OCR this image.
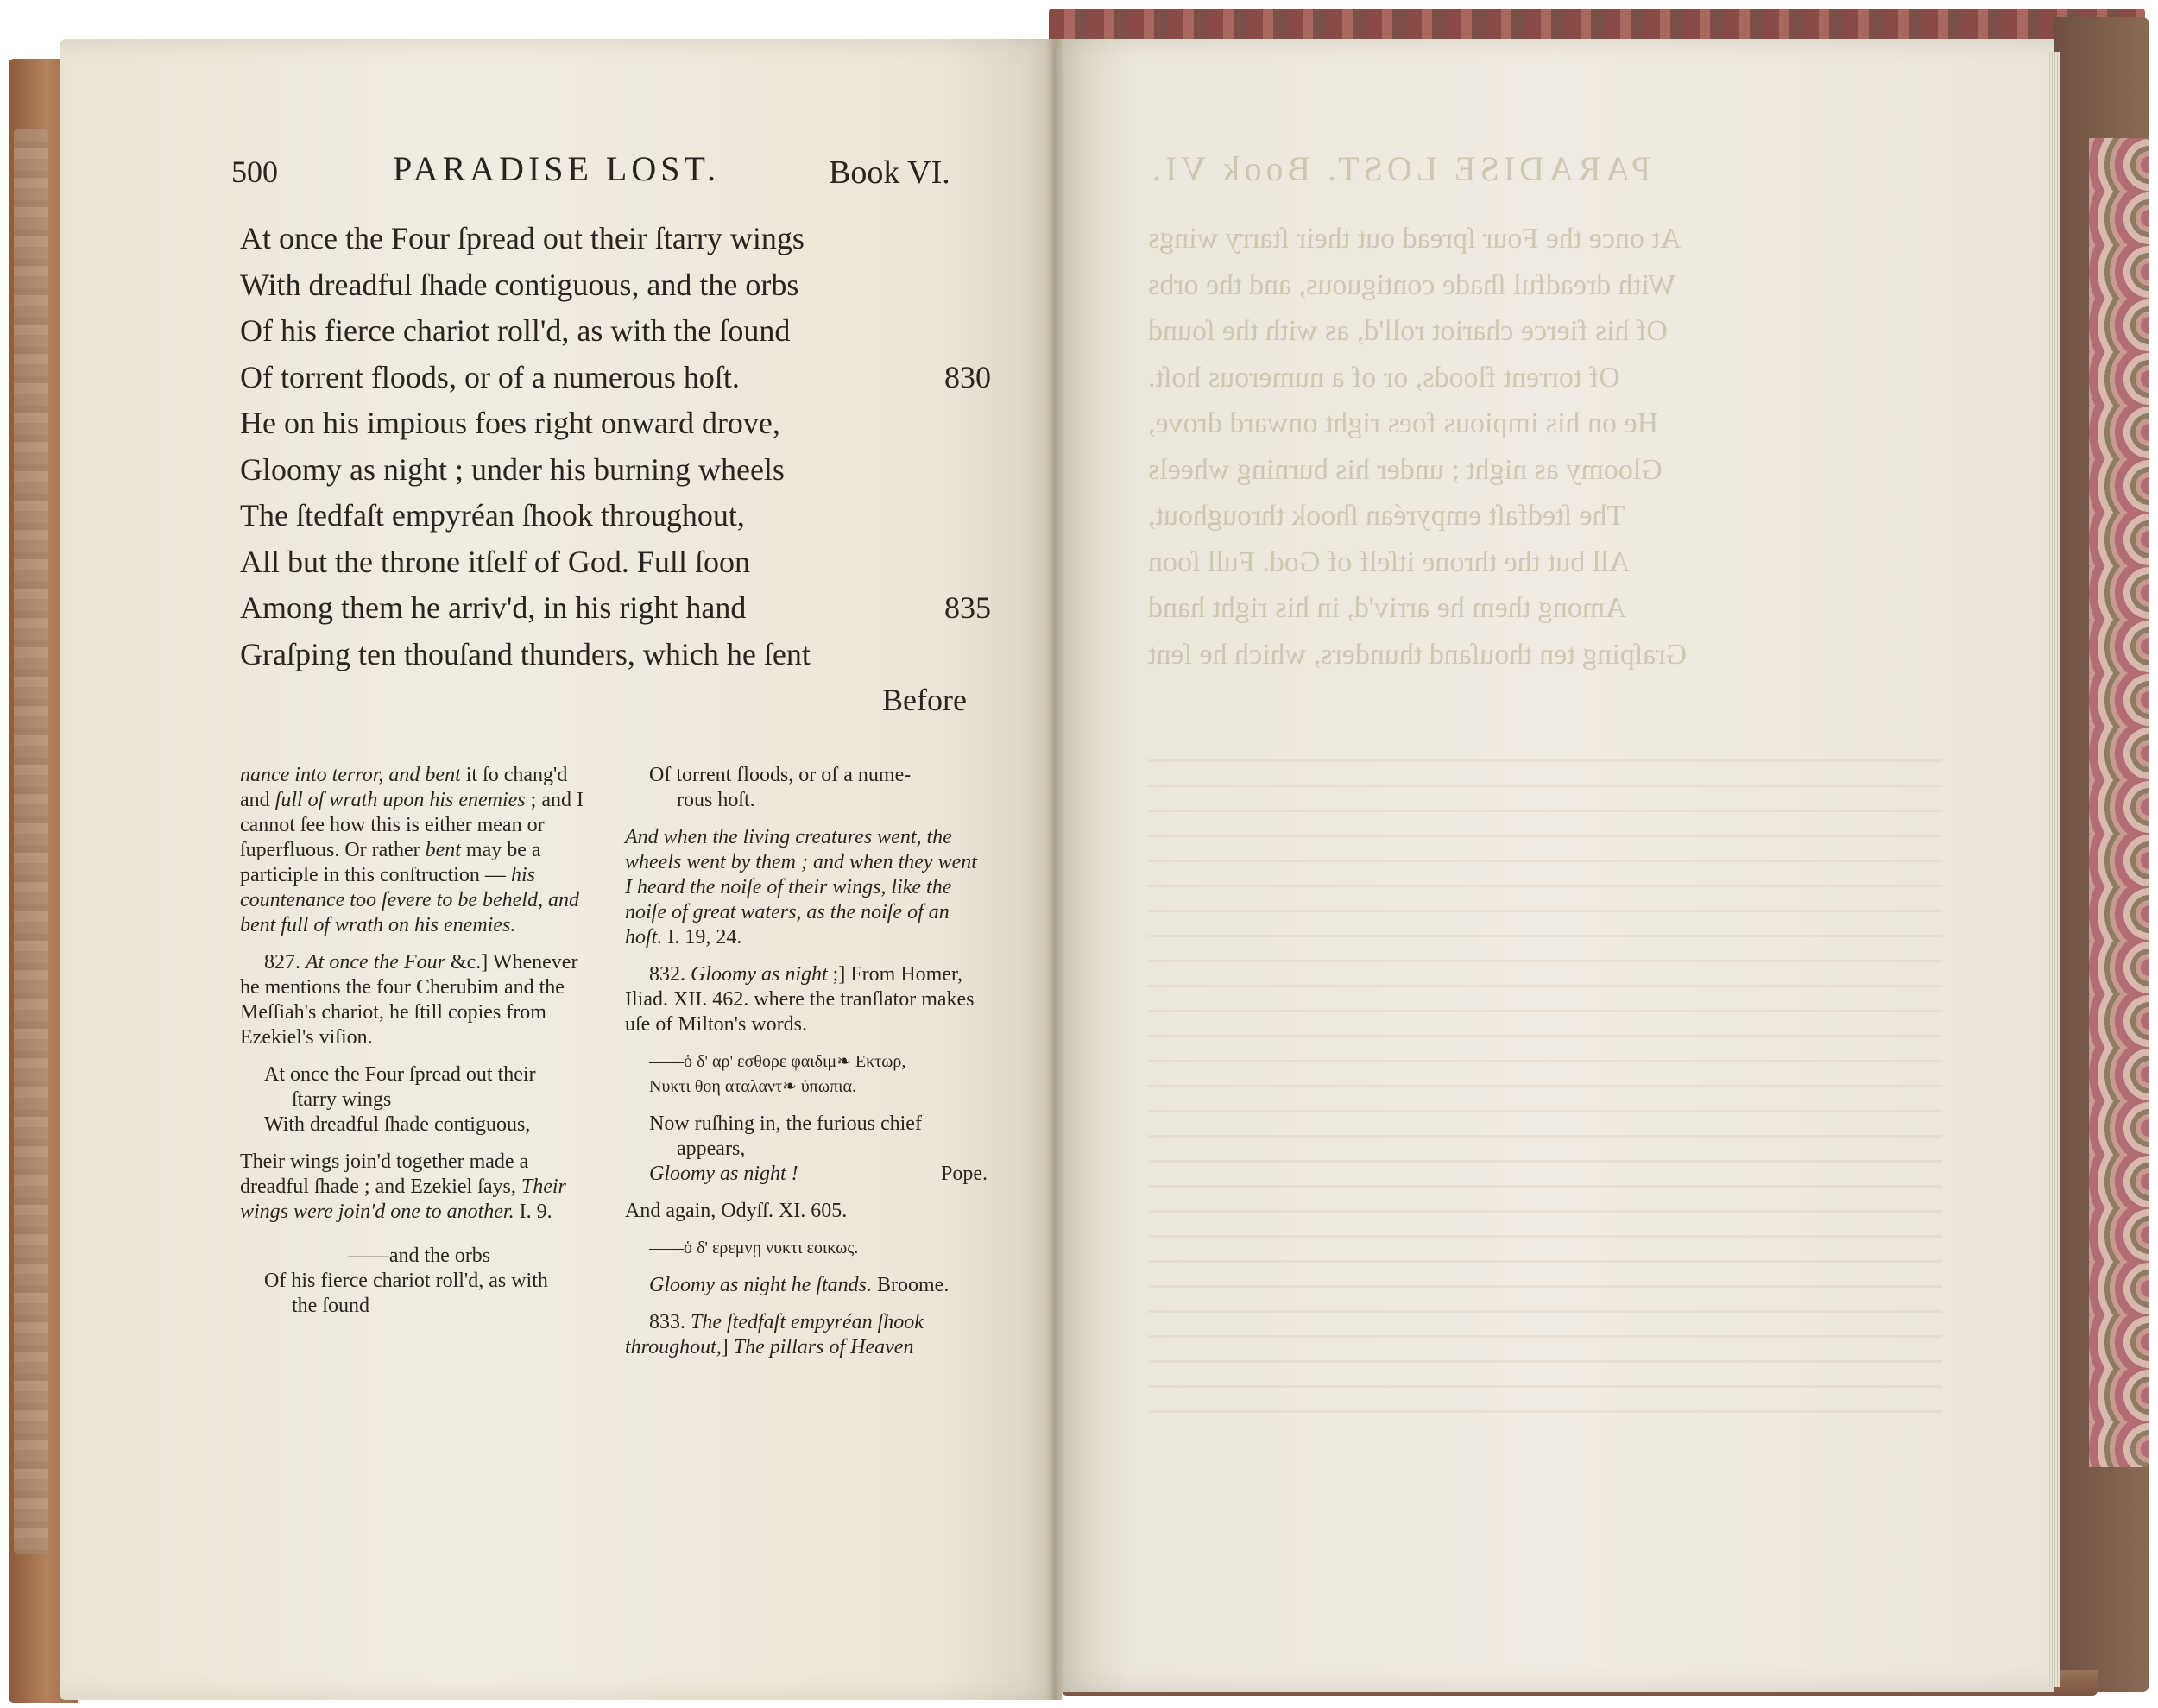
PARADISE LOST. Book VI.
At once the Four ſpread out their ſtarry wings
With dreadful ſhade contiguous, and the orbs
Of his fierce chariot roll'd, as with the ſound
Of torrent floods, or of a numerous hoſt.
He on his impious foes right onward drove,
Gloomy as night ; under his burning wheels
The ſtedfaſt empyréan ſhook throughout,
All but the throne itſelf of God. Full ſoon
Among them he arriv'd, in his right hand
Graſping ten thouſand thunders, which he ſent
500	PARADISE LOST.	Book VI.
At once the Four ſpread out their ſtarry wings
With dreadful ſhade contiguous, and the orbs
Of his fierce chariot roll'd, as with the ſound
Of torrent floods, or of a numerous hoſt.	830
He on his impious foes right onward drove,
Gloomy as night ; under his burning wheels
The ſtedfaſt empyréan ſhook throughout,
All but the throne itſelf of God. Full ſoon
Among them he arriv'd, in his right hand	835
Graſping ten thouſand thunders, which he ſent
Before

nance into terror, and bent it ſo chang'd and full of wrath upon his enemies ; and I cannot ſee how this is either mean or ſuperfluous. Or rather bent may be a participle in this conſtruction — his countenance too ſevere to be beheld, and bent full of wrath on his enemies.

827. At once the Four &c.] Whenever he mentions the four Cherubim and the Meſſiah's chariot, he ſtill copies from Ezekiel's viſion.

At once the Four ſpread out their
ſtarry wings
With dreadful ſhade contiguous,

Their wings join'd together made a dreadful ſhade ; and Ezekiel ſays, Their wings were join'd one to another. I. 9.

——and the orbs
Of his fierce chariot roll'd, as with
the ſound

Of torrent floods, or of a nume-
rous hoſt.

And when the living creatures went, the wheels went by them ; and when they went I heard the noiſe of their wings, like the noiſe of great waters, as the noiſe of an hoſt. I. 19, 24.

832. Gloomy as night ;] From Homer, Iliad. XII. 462. where the tranſlator makes uſe of Milton's words.

——ὁ δ' αρ' εσθορε φαιδιμ❧ Εκτωρ,
Νυκτι θοη αταλαντ❧ ὑπωπια.

Now ruſhing in, the furious chief
appears,
Gloomy as night !	Pope.

And again, Odyſſ. XI. 605.

——ὁ δ' ερεμνῃ νυκτι εοικως.

Gloomy as night he ſtands. Broome.

833. The ſtedfaſt empyréan ſhook throughout,] The pillars of Heaven
